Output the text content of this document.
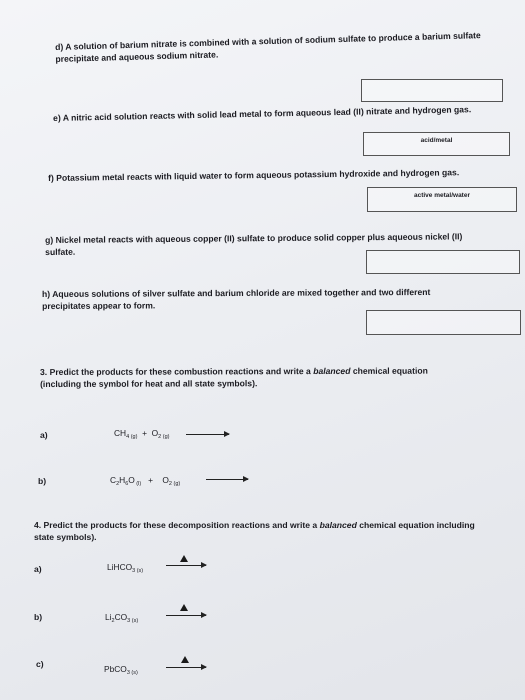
d) A solution of barium nitrate is combined with a solution of sodium sulfate to produce a barium sulfate precipitate and aqueous sodium nitrate.
e) A nitric acid solution reacts with solid lead metal to form aqueous lead (II) nitrate and hydrogen gas.
acid/metal
f) Potassium metal reacts with liquid water to form aqueous potassium hydroxide and hydrogen gas.
active metal/water
g) Nickel metal reacts with aqueous copper (II) sulfate to produce solid copper plus aqueous nickel (II) sulfate.
h) Aqueous solutions of silver sulfate and barium chloride are mixed together and two different precipitates appear to form.
3. Predict the products for these combustion reactions and write a balanced chemical equation (including the symbol for heat and all state symbols).
a)	$CH_{4 (g)} + O_{2 (g)}$
b)	$C_2H_6O$ $_{(l)} + O_{2 (g)}$
4. Predict the products for these decomposition reactions and write a balanced chemical equation including state symbols).
a)	LiHCO$_{3 (s)}$
b)	$Li_2CO_{3 (s)}$
c)	PbCO$_{3 (s)}$
